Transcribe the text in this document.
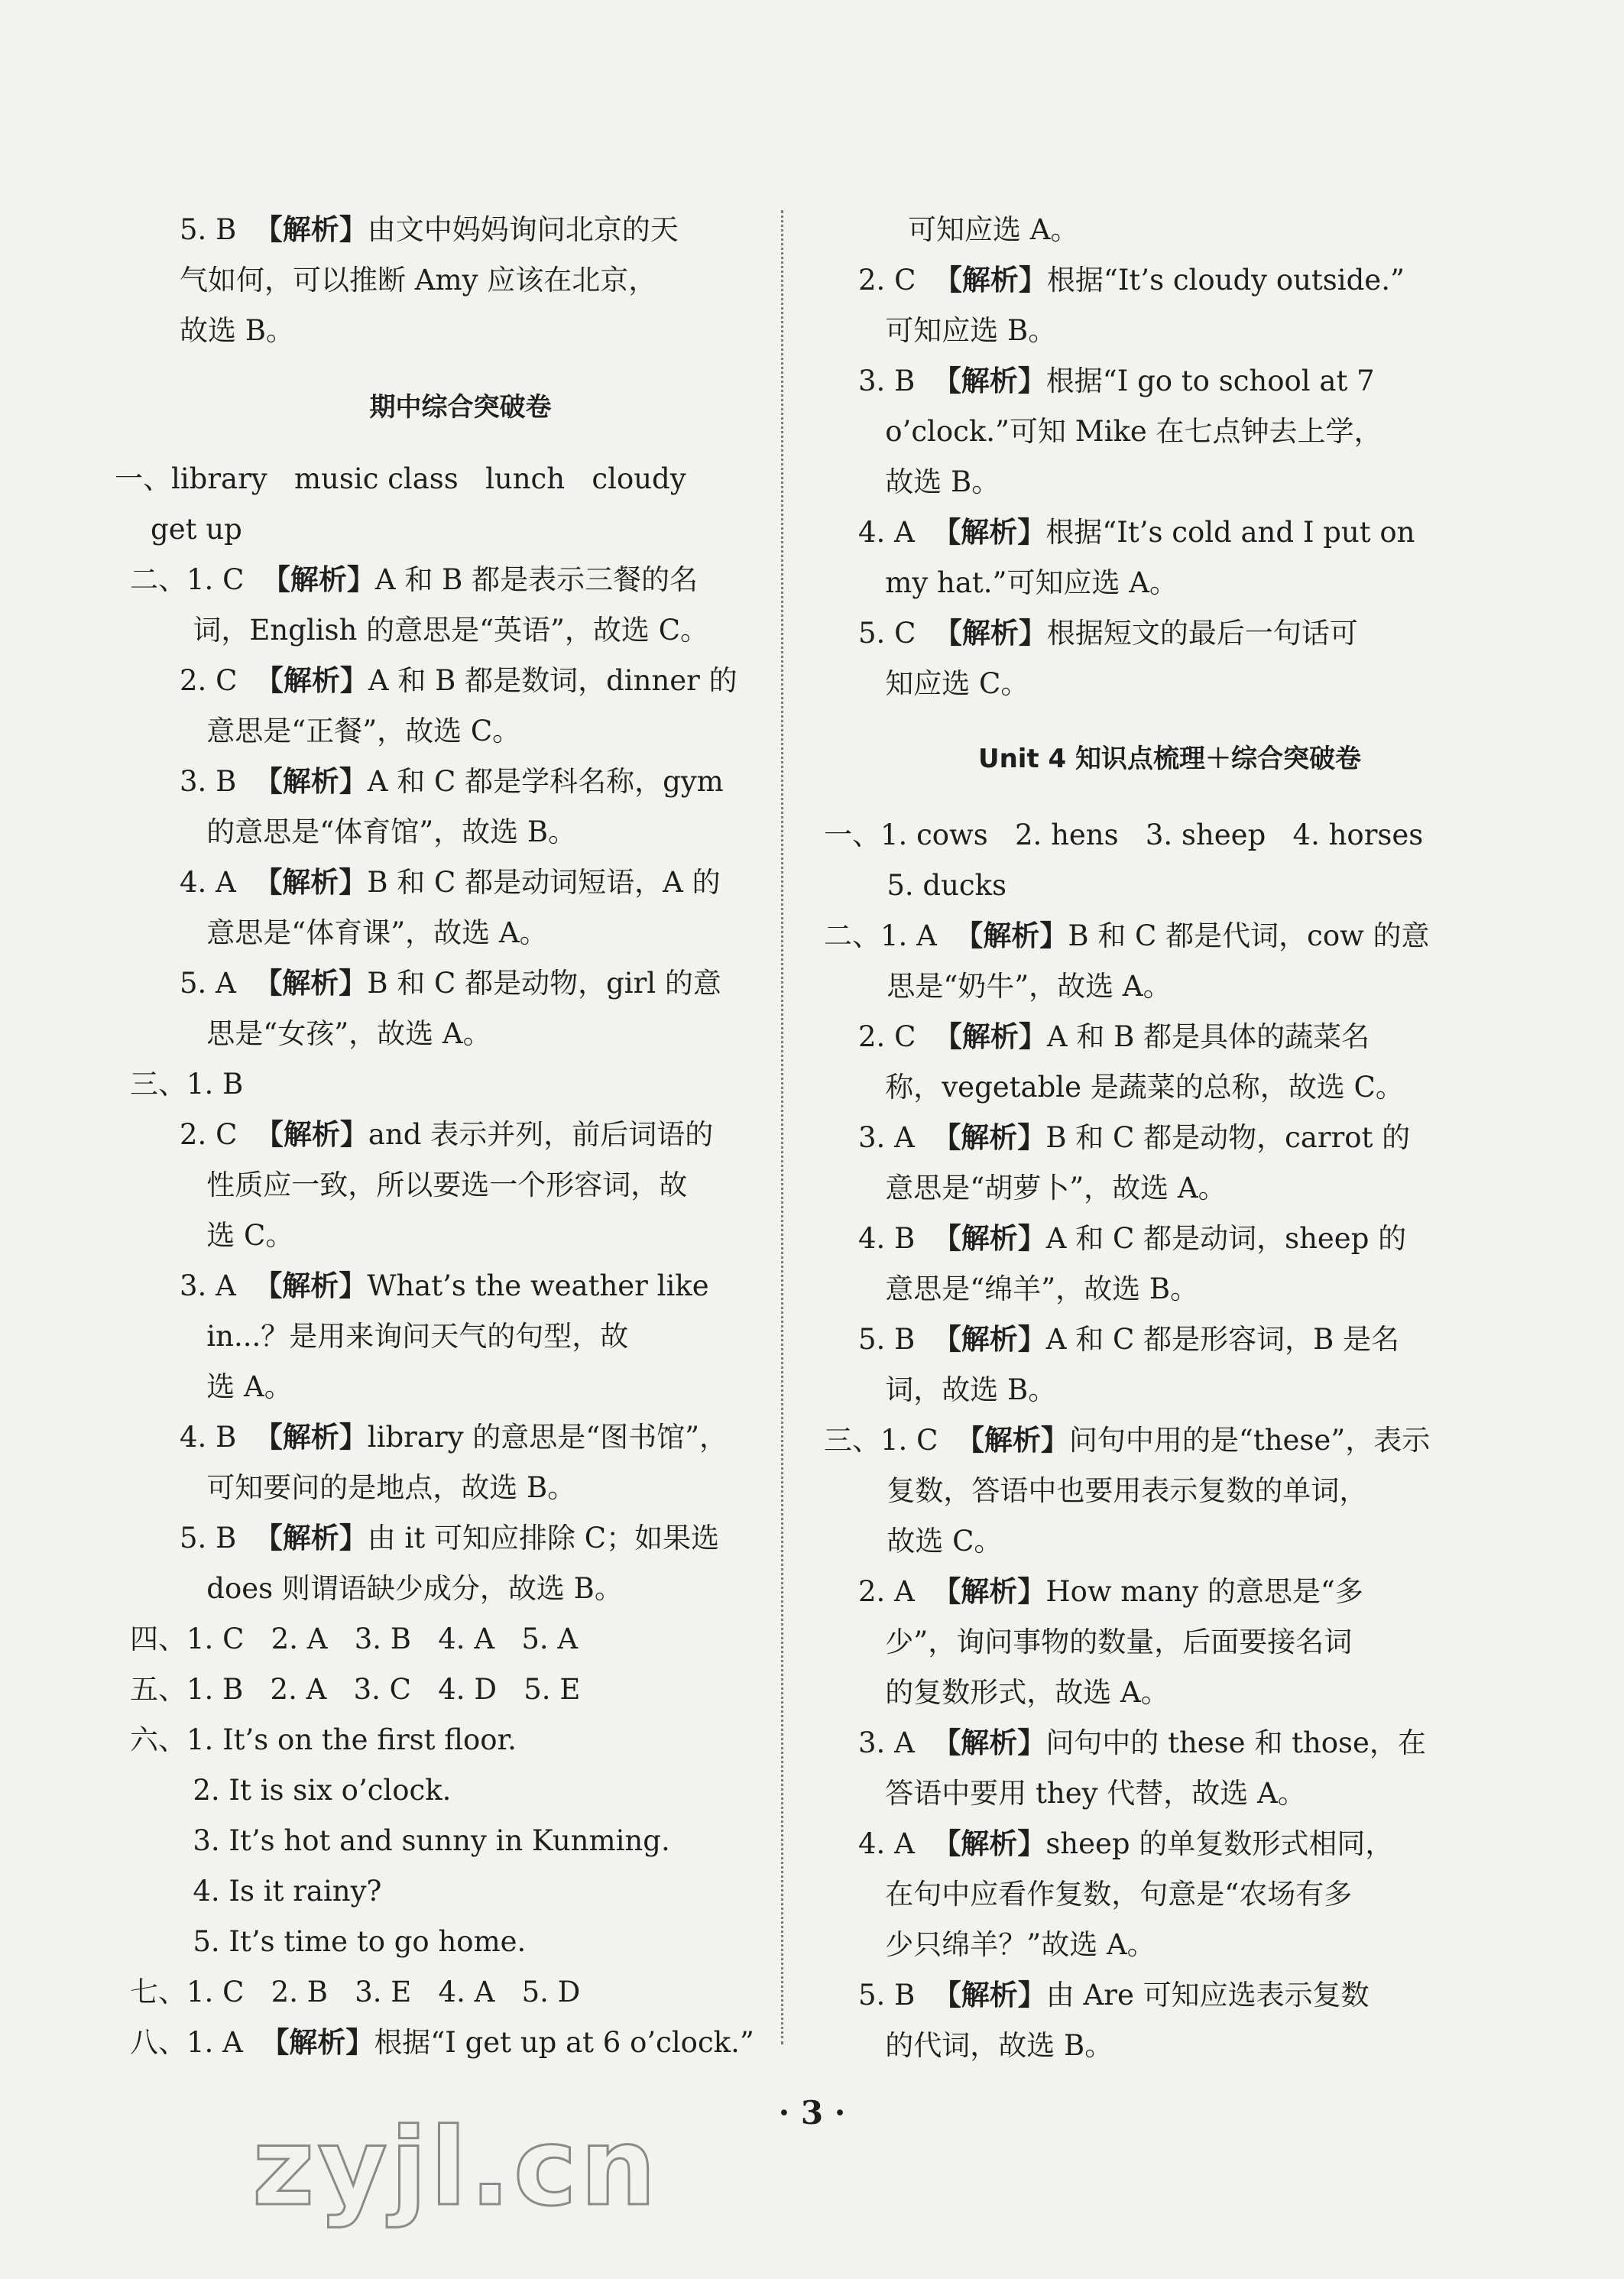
5. B  【解析】由文中妈妈询问北京的天
气如何，可以推断 Amy 应该在北京，
故选 B。
期中综合突破卷
一、library   music class   lunch   cloudy
get up
二、1. C  【解析】A 和 B 都是表示三餐的名
词，English 的意思是“英语”，故选 C。
2. C  【解析】A 和 B 都是数词，dinner 的
意思是“正餐”，故选 C。
3. B  【解析】A 和 C 都是学科名称，gym
的意思是“体育馆”，故选 B。
4. A  【解析】B 和 C 都是动词短语，A 的
意思是“体育课”，故选 A。
5. A  【解析】B 和 C 都是动物，girl 的意
思是“女孩”，故选 A。
三、1. B
2. C  【解析】and 表示并列，前后词语的
性质应一致，所以要选一个形容词，故
选 C。
3. A  【解析】What’s the weather like
in...？是用来询问天气的句型，故
选 A。
4. B  【解析】library 的意思是“图书馆”，
可知要问的是地点，故选 B。
5. B  【解析】由 it 可知应排除 C；如果选
does 则谓语缺少成分，故选 B。
四、1. C   2. A   3. B   4. A   5. A
五、1. B   2. A   3. C   4. D   5. E
六、1. It’s on the first floor.
2. It is six o’clock.
3. It’s hot and sunny in Kunming.
4. Is it rainy?
5. It’s time to go home.
七、1. C   2. B   3. E   4. A   5. D
八、1. A  【解析】根据“I get up at 6 o’clock.”
可知应选 A。
2. C  【解析】根据“It’s cloudy outside.”
可知应选 B。
3. B  【解析】根据“I go to school at 7
o’clock.”可知 Mike 在七点钟去上学，
故选 B。
4. A  【解析】根据“It’s cold and I put on
my hat.”可知应选 A。
5. C  【解析】根据短文的最后一句话可
知应选 C。
Unit 4 知识点梳理＋综合突破卷
一、1. cows   2. hens   3. sheep   4. horses
5. ducks
二、1. A  【解析】B 和 C 都是代词，cow 的意
思是“奶牛”，故选 A。
2. C  【解析】A 和 B 都是具体的蔬菜名
称，vegetable 是蔬菜的总称，故选 C。
3. A  【解析】B 和 C 都是动物，carrot 的
意思是“胡萝卜”，故选 A。
4. B  【解析】A 和 C 都是动词，sheep 的
意思是“绵羊”，故选 B。
5. B  【解析】A 和 C 都是形容词，B 是名
词，故选 B。
三、1. C  【解析】问句中用的是“these”，表示
复数，答语中也要用表示复数的单词，
故选 C。
2. A  【解析】How many 的意思是“多
少”，询问事物的数量，后面要接名词
的复数形式，故选 A。
3. A  【解析】问句中的 these 和 those，在
答语中要用 they 代替，故选 A。
4. A  【解析】sheep 的单复数形式相同，
在句中应看作复数，句意是“农场有多
少只绵羊？”故选 A。
5. B  【解析】由 Are 可知应选表示复数
的代词，故选 B。
· 3 ·
zyjl.cn
